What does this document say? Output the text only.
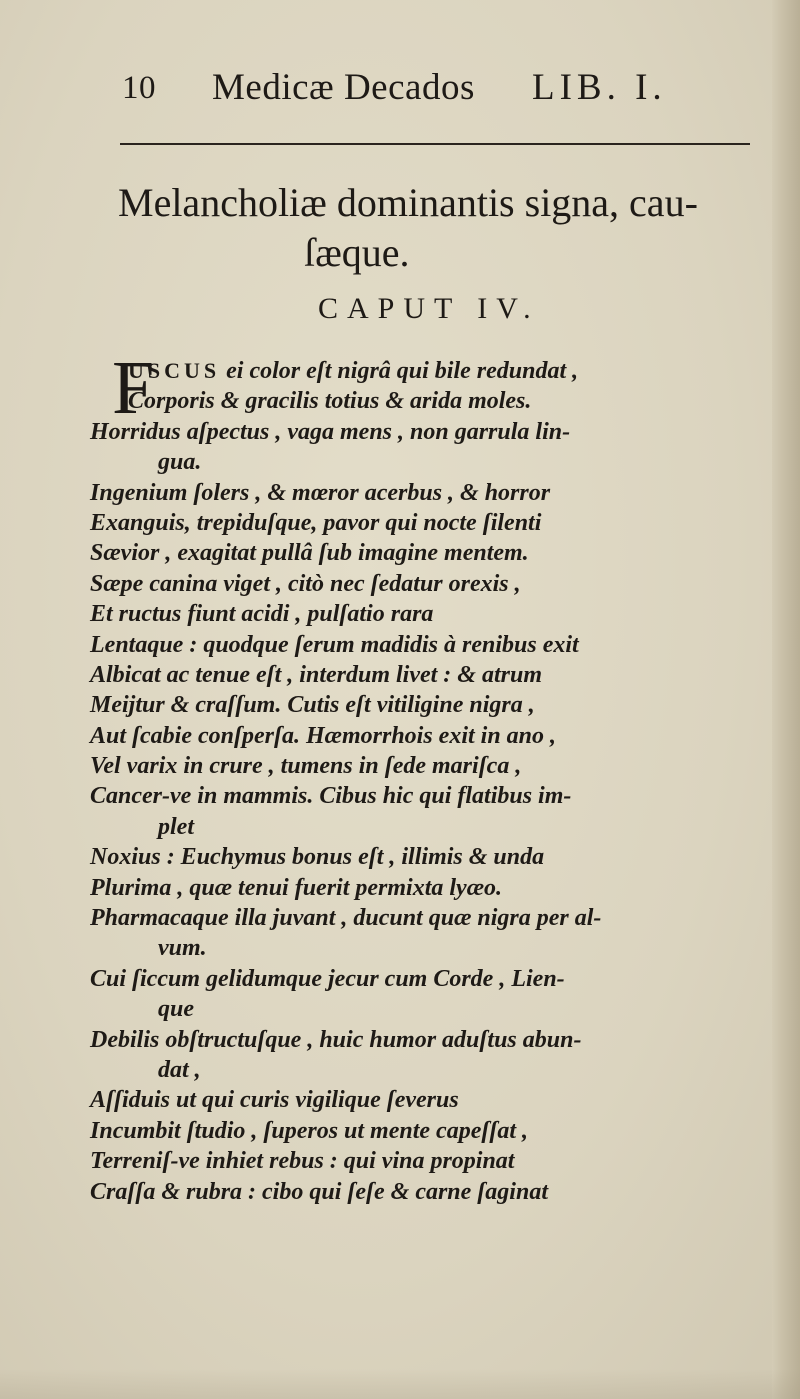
10 Medicæ Decados LIB. I.
Melancholiæ dominantis signa, cau-
ſæque.
CAPUT IV.
F
USCUS ei color eſt nigrâ qui bile redundat ,
Corporis & gracilis totius & arida moles.
Horridus aſpectus , vaga mens , non garrula lin-
gua.
Ingenium ſolers , & mœror acerbus , & horror
Exanguis, trepiduſque, pavor qui nocte ſilenti
Sævior , exagitat pullâ ſub imagine mentem.
Sæpe canina viget , citò nec ſedatur orexis ,
Et ructus fiunt acidi , pulſatio rara
Lentaque : quodque ſerum madidis à renibus exit
Albicat ac tenue eſt , interdum livet : & atrum
Meijtur & craſſum. Cutis eſt vitiligine nigra ,
Aut ſcabie conſperſa. Hæmorrhois exit in ano ,
Vel varix in crure , tumens in ſede mariſca ,
Cancer-ve in mammis. Cibus hic qui flatibus im-
plet
Noxius : Euchymus bonus eſt , illimis & unda
Plurima , quæ tenui fuerit permixta lyæo.
Pharmacaque illa juvant , ducunt quæ nigra per al-
vum.
Cui ſiccum gelidumque jecur cum Corde , Lien-
que
Debilis obſtructuſque , huic humor aduſtus abun-
dat ,
Aſſiduis ut qui curis vigilique ſeverus
Incumbit ſtudio , ſuperos ut mente capeſſat ,
Terreniſ-ve inhiet rebus : qui vina propinat
Craſſa & rubra : cibo qui ſeſe & carne ſaginat
